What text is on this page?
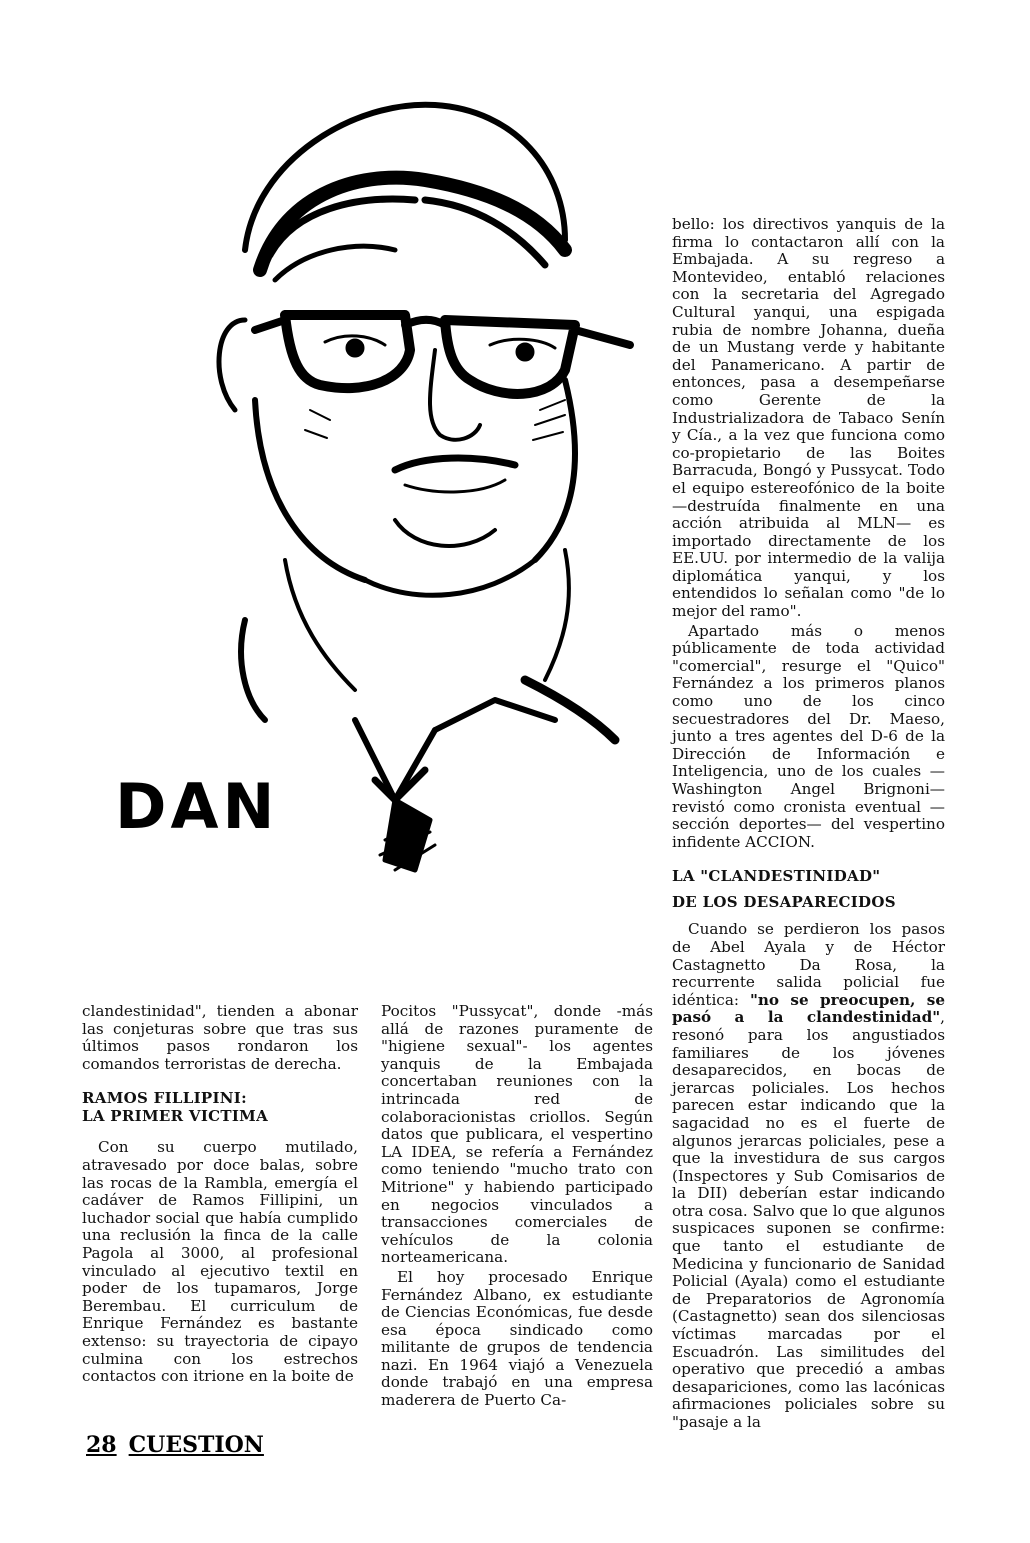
DAN

clandestinidad", tienden a abonar las conjeturas sobre que tras sus últimos pasos rondaron los comandos terroristas de derecha.

RAMOS FILLIPINI:
LA PRIMER VICTIMA

Con su cuerpo mutilado, atravesado por doce balas, sobre las rocas de la Rambla, emergía el cadáver de Ramos Fillipini, un luchador social que había cumplido una reclusión la finca de la calle Pagola al 3000, al profesional vinculado al ejecutivo textil en poder de los tupamaros, Jorge Berembau. El curriculum de Enrique Fernández es bastante extenso: su trayectoria de cipayo culmina con los estrechos contactos con itrione en la boite de

Pocitos "Pussycat", donde -más allá de razones puramente de "higiene sexual"- los agentes yanquis de la Embajada concertaban reuniones con la intrincada red de colaboracionistas criollos. Según datos que publicara, el vespertino LA IDEA, se refería a Fernández como teniendo "mucho trato con Mitrione" y habiendo participado en negocios vinculados a transacciones comerciales de vehículos de la colonia norteamericana.

El hoy procesado Enrique Fernández Albano, ex estudiante de Ciencias Económicas, fue desde esa época sindicado como militante de grupos de tendencia nazi. En 1964 viajó a Venezuela donde trabajó en una empresa maderera de Puerto Ca-

bello: los directivos yanquis de la firma lo contactaron allí con la Embajada. A su regreso a Montevideo, entabló relaciones con la secretaria del Agregado Cultural yanqui, una espigada rubia de nombre Johanna, dueña de un Mustang verde y habitante del Panamericano. A partir de entonces, pasa a desempeñarse como Gerente de la Industrializadora de Tabaco Senín y Cía., a la vez que funciona como co-propietario de las Boites Barracuda, Bongó y Pussycat. Todo el equipo estereofónico de la boite —destruída finalmente en una acción atribuida al MLN— es importado directamente de los EE.UU. por intermedio de la valija diplomática yanqui, y los entendidos lo señalan como "de lo mejor del ramo".

Apartado más o menos públicamente de toda actividad "comercial", resurge el "Quico" Fernández a los primeros planos como uno de los cinco secuestradores del Dr. Maeso, junto a tres agentes del D-6 de la Dirección de Información e Inteligencia, uno de los cuales —Washington Angel Brignoni— revistó como cronista eventual —sección deportes— del vespertino infidente ACCION.

LA "CLANDESTINIDAD"
DE LOS DESAPARECIDOS

Cuando se perdieron los pasos de Abel Ayala y de Héctor Castagnetto Da Rosa, la recurrente salida policial fue idéntica: "no se preocupen, se pasó a la clandestinidad", resonó para los angustiados familiares de los jóvenes desaparecidos, en bocas de jerarcas policiales. Los hechos parecen estar indicando que la sagacidad no es el fuerte de algunos jerarcas policiales, pese a que la investidura de sus cargos (Inspectores y Sub Comisarios de la DII) deberían estar indicando otra cosa. Salvo que lo que algunos suspicaces suponen se confirme: que tanto el estudiante de Medicina y funcionario de Sanidad Policial (Ayala) como el estudiante de Preparatorios de Agronomía (Castagnetto) sean dos silenciosas víctimas marcadas por el Escuadrón. Las similitudes del operativo que precedió a ambas desapariciones, como las lacónicas afirmaciones policiales sobre su "pasaje a la

28 CUESTION
